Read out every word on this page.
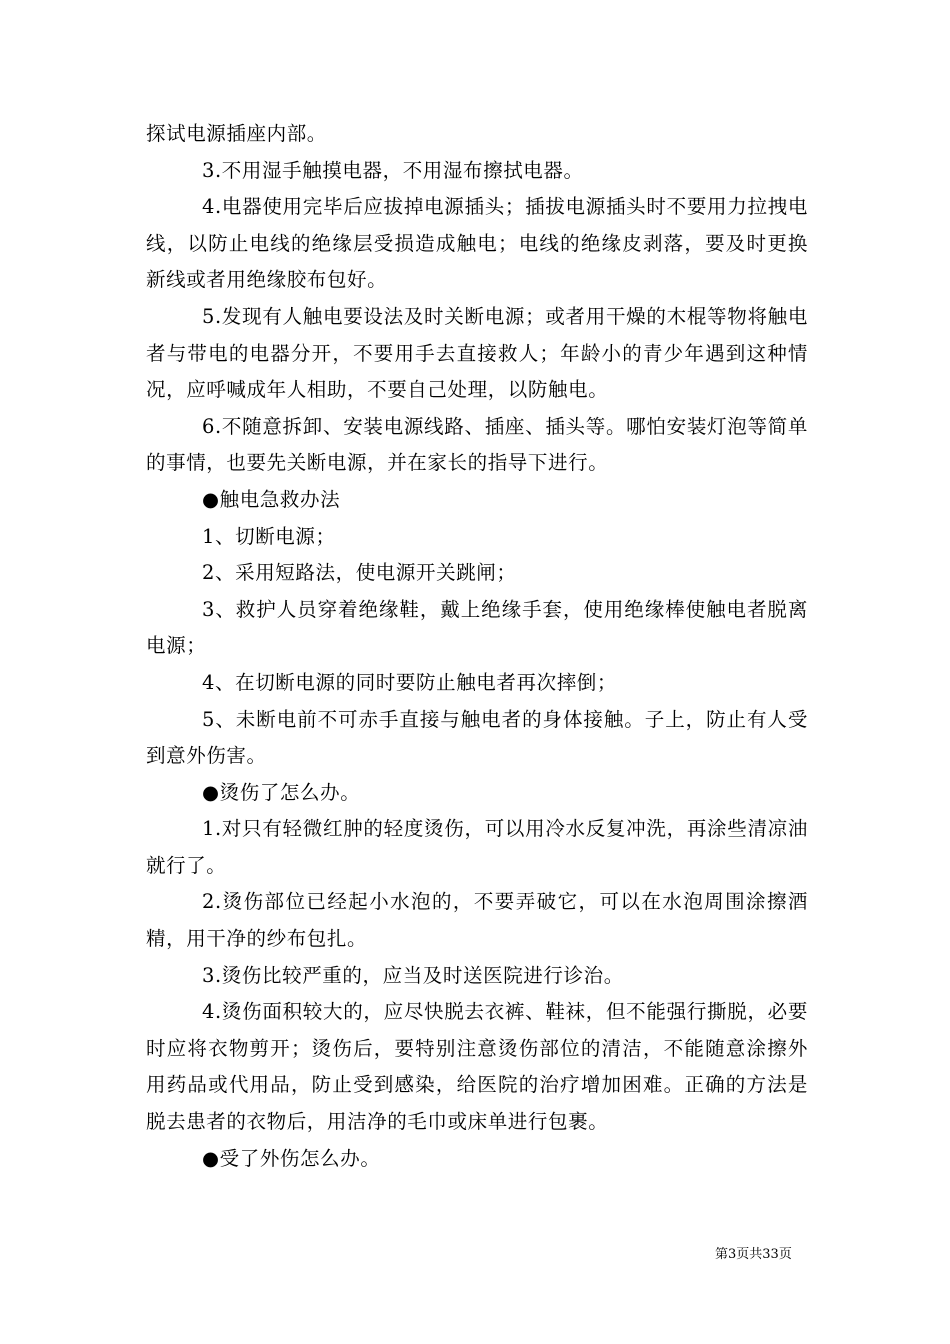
探试电源插座内部。

3.不用湿手触摸电器，不用湿布擦拭电器。

4.电器使用完毕后应拔掉电源插头；插拔电源插头时不要用力拉拽电线，以防止电线的绝缘层受损造成触电；电线的绝缘皮剥落，要及时更换新线或者用绝缘胶布包好。

5.发现有人触电要设法及时关断电源；或者用干燥的木棍等物将触电者与带电的电器分开，不要用手去直接救人；年龄小的青少年遇到这种情况，应呼喊成年人相助，不要自己处理，以防触电。

6.不随意拆卸、安装电源线路、插座、插头等。哪怕安装灯泡等简单的事情，也要先关断电源，并在家长的指导下进行。

●触电急救办法

1、切断电源；

2、采用短路法，使电源开关跳闸；

3、救护人员穿着绝缘鞋，戴上绝缘手套，使用绝缘棒使触电者脱离电源；

4、在切断电源的同时要防止触电者再次摔倒；

5、未断电前不可赤手直接与触电者的身体接触。子上，防止有人受到意外伤害。

●烫伤了怎么办。

1.对只有轻微红肿的轻度烫伤，可以用冷水反复冲洗，再涂些清凉油就行了。

2.烫伤部位已经起小水泡的，不要弄破它，可以在水泡周围涂擦酒精，用干净的纱布包扎。

3.烫伤比较严重的，应当及时送医院进行诊治。

4.烫伤面积较大的，应尽快脱去衣裤、鞋袜，但不能强行撕脱，必要时应将衣物剪开；烫伤后，要特别注意烫伤部位的清洁，不能随意涂擦外用药品或代用品，防止受到感染，给医院的治疗增加困难。正确的方法是脱去患者的衣物后，用洁净的毛巾或床单进行包裹。

●受了外伤怎么办。

第3页共33页
